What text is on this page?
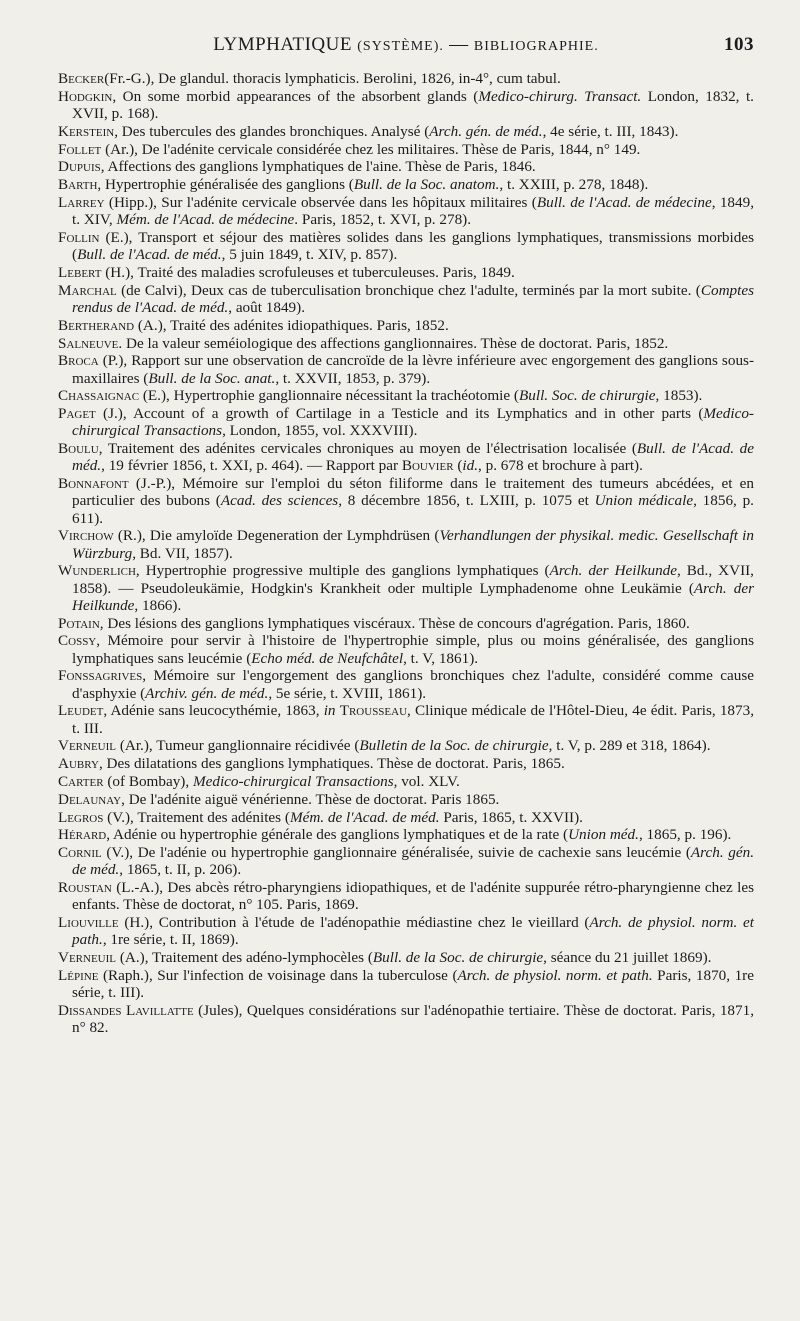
LYMPHATIQUE (SYSTÈME). — BIBLIOGRAPHIE.	103

Becker(Fr.-G.), De glandul. thoracis lymphaticis. Berolini, 1826, in-4°, cum tabul.

Hodgkin, On some morbid appearances of the absorbent glands (Medico-chirurg. Transact. London, 1832, t. XVII, p. 168).

Kerstein, Des tubercules des glandes bronchiques. Analysé (Arch. gén. de méd., 4e série, t. III, 1843).

Follet (Ar.), De l'adénite cervicale considérée chez les militaires. Thèse de Paris, 1844, n° 149.

Dupuis, Affections des ganglions lymphatiques de l'aine. Thèse de Paris, 1846.

Barth, Hypertrophie généralisée des ganglions (Bull. de la Soc. anatom., t. XXIII, p. 278, 1848).

Larrey (Hipp.), Sur l'adénite cervicale observée dans les hôpitaux militaires (Bull. de l'Acad. de médecine, 1849, t. XIV, Mém. de l'Acad. de médecine. Paris, 1852, t. XVI, p. 278).

Follin (E.), Transport et séjour des matières solides dans les ganglions lymphatiques, transmissions morbides (Bull. de l'Acad. de méd., 5 juin 1849, t. XIV, p. 857).

Lebert (H.), Traité des maladies scrofuleuses et tuberculeuses. Paris, 1849.

Marchal (de Calvi), Deux cas de tuberculisation bronchique chez l'adulte, terminés par la mort subite. (Comptes rendus de l'Acad. de méd., août 1849).

Bertherand (A.), Traité des adénites idiopathiques. Paris, 1852.

Salneuve. De la valeur seméiologique des affections ganglionnaires. Thèse de doctorat. Paris, 1852.

Broca (P.), Rapport sur une observation de cancroïde de la lèvre inférieure avec engorgement des ganglions sous-maxillaires (Bull. de la Soc. anat., t. XXVII, 1853, p. 379).

Chassaignac (E.), Hypertrophie ganglionnaire nécessitant la trachéotomie (Bull. Soc. de chirurgie, 1853).

Paget (J.), Account of a growth of Cartilage in a Testicle and its Lymphatics and in other parts (Medico-chirurgical Transactions, London, 1855, vol. XXXVIII).

Boulu, Traitement des adénites cervicales chroniques au moyen de l'électrisation localisée (Bull. de l'Acad. de méd., 19 février 1856, t. XXI, p. 464). — Rapport par Bouvier (id., p. 678 et brochure à part).

Bonnafont (J.-P.), Mémoire sur l'emploi du séton filiforme dans le traitement des tumeurs abcédées, et en particulier des bubons (Acad. des sciences, 8 décembre 1856, t. LXIII, p. 1075 et Union médicale, 1856, p. 611).

Virchow (R.), Die amyloïde Degeneration der Lymphdrüsen (Verhandlungen der physikal. medic. Gesellschaft in Würzburg, Bd. VII, 1857).

Wunderlich, Hypertrophie progressive multiple des ganglions lymphatiques (Arch. der Heilkunde, Bd., XVII, 1858). — Pseudoleukämie, Hodgkin's Krankheit oder multiple Lymphadenome ohne Leukämie (Arch. der Heilkunde, 1866).

Potain, Des lésions des ganglions lymphatiques viscéraux. Thèse de concours d'agrégation. Paris, 1860.

Cossy, Mémoire pour servir à l'histoire de l'hypertrophie simple, plus ou moins généralisée, des ganglions lymphatiques sans leucémie (Echo méd. de Neufchâtel, t. V, 1861).

Fonssagrives, Mémoire sur l'engorgement des ganglions bronchiques chez l'adulte, considéré comme cause d'asphyxie (Archiv. gén. de méd., 5e série, t. XVIII, 1861).

Leudet, Adénie sans leucocythémie, 1863, in Trousseau, Clinique médicale de l'Hôtel-Dieu, 4e édit. Paris, 1873, t. III.

Verneuil (Ar.), Tumeur ganglionnaire récidivée (Bulletin de la Soc. de chirurgie, t. V, p. 289 et 318, 1864).

Aubry, Des dilatations des ganglions lymphatiques. Thèse de doctorat. Paris, 1865.

Carter (of Bombay), Medico-chirurgical Transactions, vol. XLV.

Delaunay, De l'adénite aiguë vénérienne. Thèse de doctorat. Paris 1865.

Legros (V.), Traitement des adénites (Mém. de l'Acad. de méd. Paris, 1865, t. XXVII).

Hérard, Adénie ou hypertrophie générale des ganglions lymphatiques et de la rate (Union méd., 1865, p. 196).

Cornil (V.), De l'adénie ou hypertrophie ganglionnaire généralisée, suivie de cachexie sans leucémie (Arch. gén. de méd., 1865, t. II, p. 206).

Roustan (L.-A.), Des abcès rétro-pharyngiens idiopathiques, et de l'adénite suppurée rétro-pharyngienne chez les enfants. Thèse de doctorat, n° 105. Paris, 1869.

Liouville (H.), Contribution à l'étude de l'adénopathie médiastine chez le vieillard (Arch. de physiol. norm. et path., 1re série, t. II, 1869).

Verneuil (A.), Traitement des adéno-lymphocèles (Bull. de la Soc. de chirurgie, séance du 21 juillet 1869).

Lépine (Raph.), Sur l'infection de voisinage dans la tuberculose (Arch. de physiol. norm. et path. Paris, 1870, 1re série, t. III).

Dissandes Lavillatte (Jules), Quelques considérations sur l'adénopathie tertiaire. Thèse de doctorat. Paris, 1871, n° 82.
